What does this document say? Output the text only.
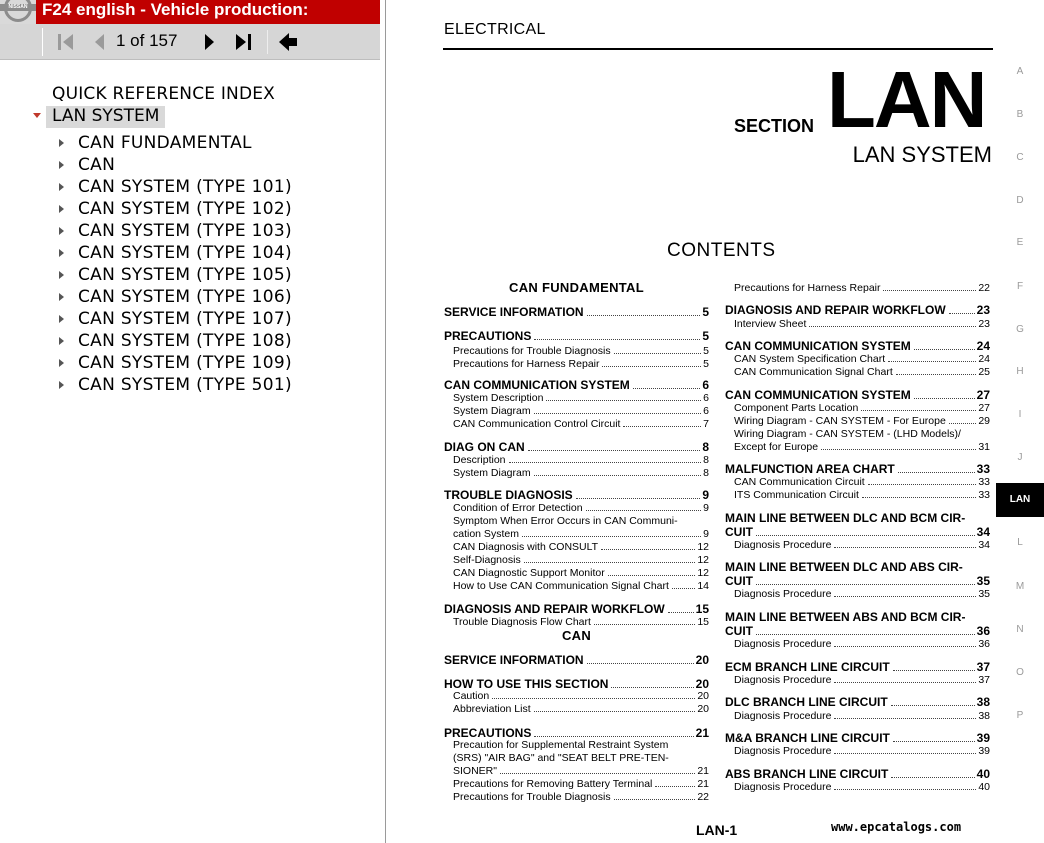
NISSAN F24 english - Vehicle production:
1 of 157
QUICK REFERENCE INDEX
LAN SYSTEM
CAN FUNDAMENTAL
CAN
CAN SYSTEM (TYPE 101)
CAN SYSTEM (TYPE 102)
CAN SYSTEM (TYPE 103)
CAN SYSTEM (TYPE 104)
CAN SYSTEM (TYPE 105)
CAN SYSTEM (TYPE 106)
CAN SYSTEM (TYPE 107)
CAN SYSTEM (TYPE 108)
CAN SYSTEM (TYPE 109)
CAN SYSTEM (TYPE 501)
ELECTRICAL
SECTION LAN
LAN SYSTEM
CONTENTS
CAN FUNDAMENTAL
CAN
SERVICE INFORMATION	5
PRECAUTIONS	5
Precautions for Trouble Diagnosis	5
Precautions for Harness Repair	5
CAN COMMUNICATION SYSTEM	6
System Description	6
System Diagram	6
CAN Communication Control Circuit	7
DIAG ON CAN	8
Description	8
System Diagram	8
TROUBLE DIAGNOSIS	9
Condition of Error Detection	9
Symptom When Error Occurs in CAN Communi-
cation System	9
CAN Diagnosis with CONSULT	12
Self-Diagnosis	12
CAN Diagnostic Support Monitor	12
How to Use CAN Communication Signal Chart	14
DIAGNOSIS AND REPAIR WORKFLOW	15
Trouble Diagnosis Flow Chart	15
SERVICE INFORMATION	20
HOW TO USE THIS SECTION	20
Caution	20
Abbreviation List	20
PRECAUTIONS	21
Precaution for Supplemental Restraint System
(SRS) "AIR BAG" and "SEAT BELT PRE-TEN-
SIONER"	21
Precautions for Removing Battery Terminal	21
Precautions for Trouble Diagnosis	22
Precautions for Harness Repair	22
DIAGNOSIS AND REPAIR WORKFLOW	23
Interview Sheet	23
CAN COMMUNICATION SYSTEM	24
CAN System Specification Chart	24
CAN Communication Signal Chart	25
CAN COMMUNICATION SYSTEM	27
Component Parts Location	27
Wiring Diagram - CAN SYSTEM - For Europe	29
Wiring Diagram - CAN SYSTEM - (LHD Models)/
Except for Europe	31
MALFUNCTION AREA CHART	33
CAN Communication Circuit	33
ITS Communication Circuit	33
MAIN LINE BETWEEN DLC AND BCM CIR-
CUIT	34
Diagnosis Procedure	34
MAIN LINE BETWEEN DLC AND ABS CIR-
CUIT	35
Diagnosis Procedure	35
MAIN LINE BETWEEN ABS AND BCM CIR-
CUIT	36
Diagnosis Procedure	36
ECM BRANCH LINE CIRCUIT	37
Diagnosis Procedure	37
DLC BRANCH LINE CIRCUIT	38
Diagnosis Procedure	38
M&A BRANCH LINE CIRCUIT	39
Diagnosis Procedure	39
ABS BRANCH LINE CIRCUIT	40
Diagnosis Procedure	40
LAN-1	www.epcatalogs.com
A
B
C
D
E
F
G
H
I
J
LAN
L
M
N
O
P
